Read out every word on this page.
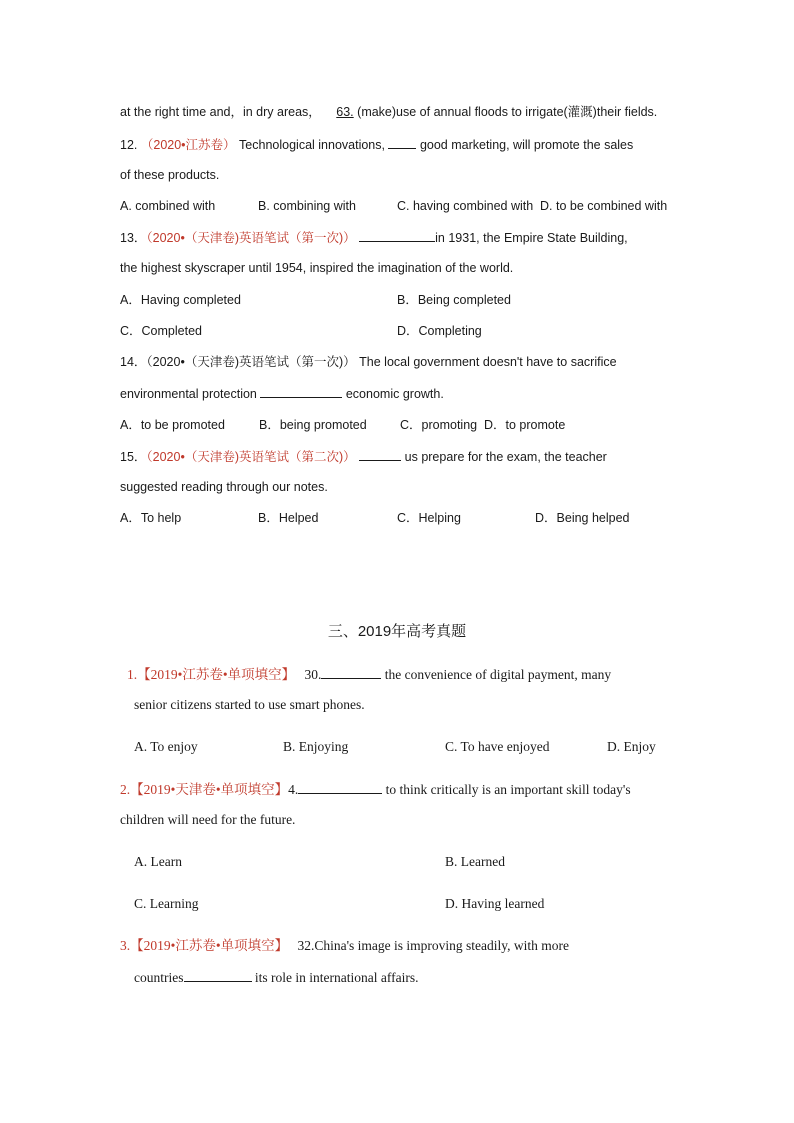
at the right time and，in dry areas， 63. (make)use of annual floods to irrigate(灌溉)their fields.
12. （2020•江苏卷） Technological innovations,	good marketing, will promote the sales
of these products.
A. combined with	B. combining with	C. having combined with D. to be combined with
13．（2020•（天津卷)英语笔试（第一次)）	in 1931, the Empire State Building,
the highest skyscraper until 1954, inspired the imagination of the world.
A．Having completed	B．Being completed
C．Completed	D．Completing
14．（2020•（天津卷)英语笔试（第一次)） The local government doesn't have to sacrifice
environmental protection	economic growth.
A．to be promoted	B．being promoted	C．promoting D．to promote
15．（2020•（天津卷)英语笔试（第二次)）	us prepare for the exam, the teacher
suggested reading through our notes.
A．To help	B．Helped	C．Helping	D．Being helped
三、2019年高考真题
1.【2019•江苏卷•单项填空】 30.	the convenience of digital payment, many
senior citizens started to use smart phones.
A. To enjoy	B. Enjoying	C. To have enjoyed	D. Enjoy
2.【2019•天津卷•单项填空】4.	to think critically is an important skill today's
children will need for the future.
A. Learn	B. Learned
C. Learning	D. Having learned
3.【2019•江苏卷•单项填空】 32.China's image is improving steadily, with more
countries	its role in international affairs.
